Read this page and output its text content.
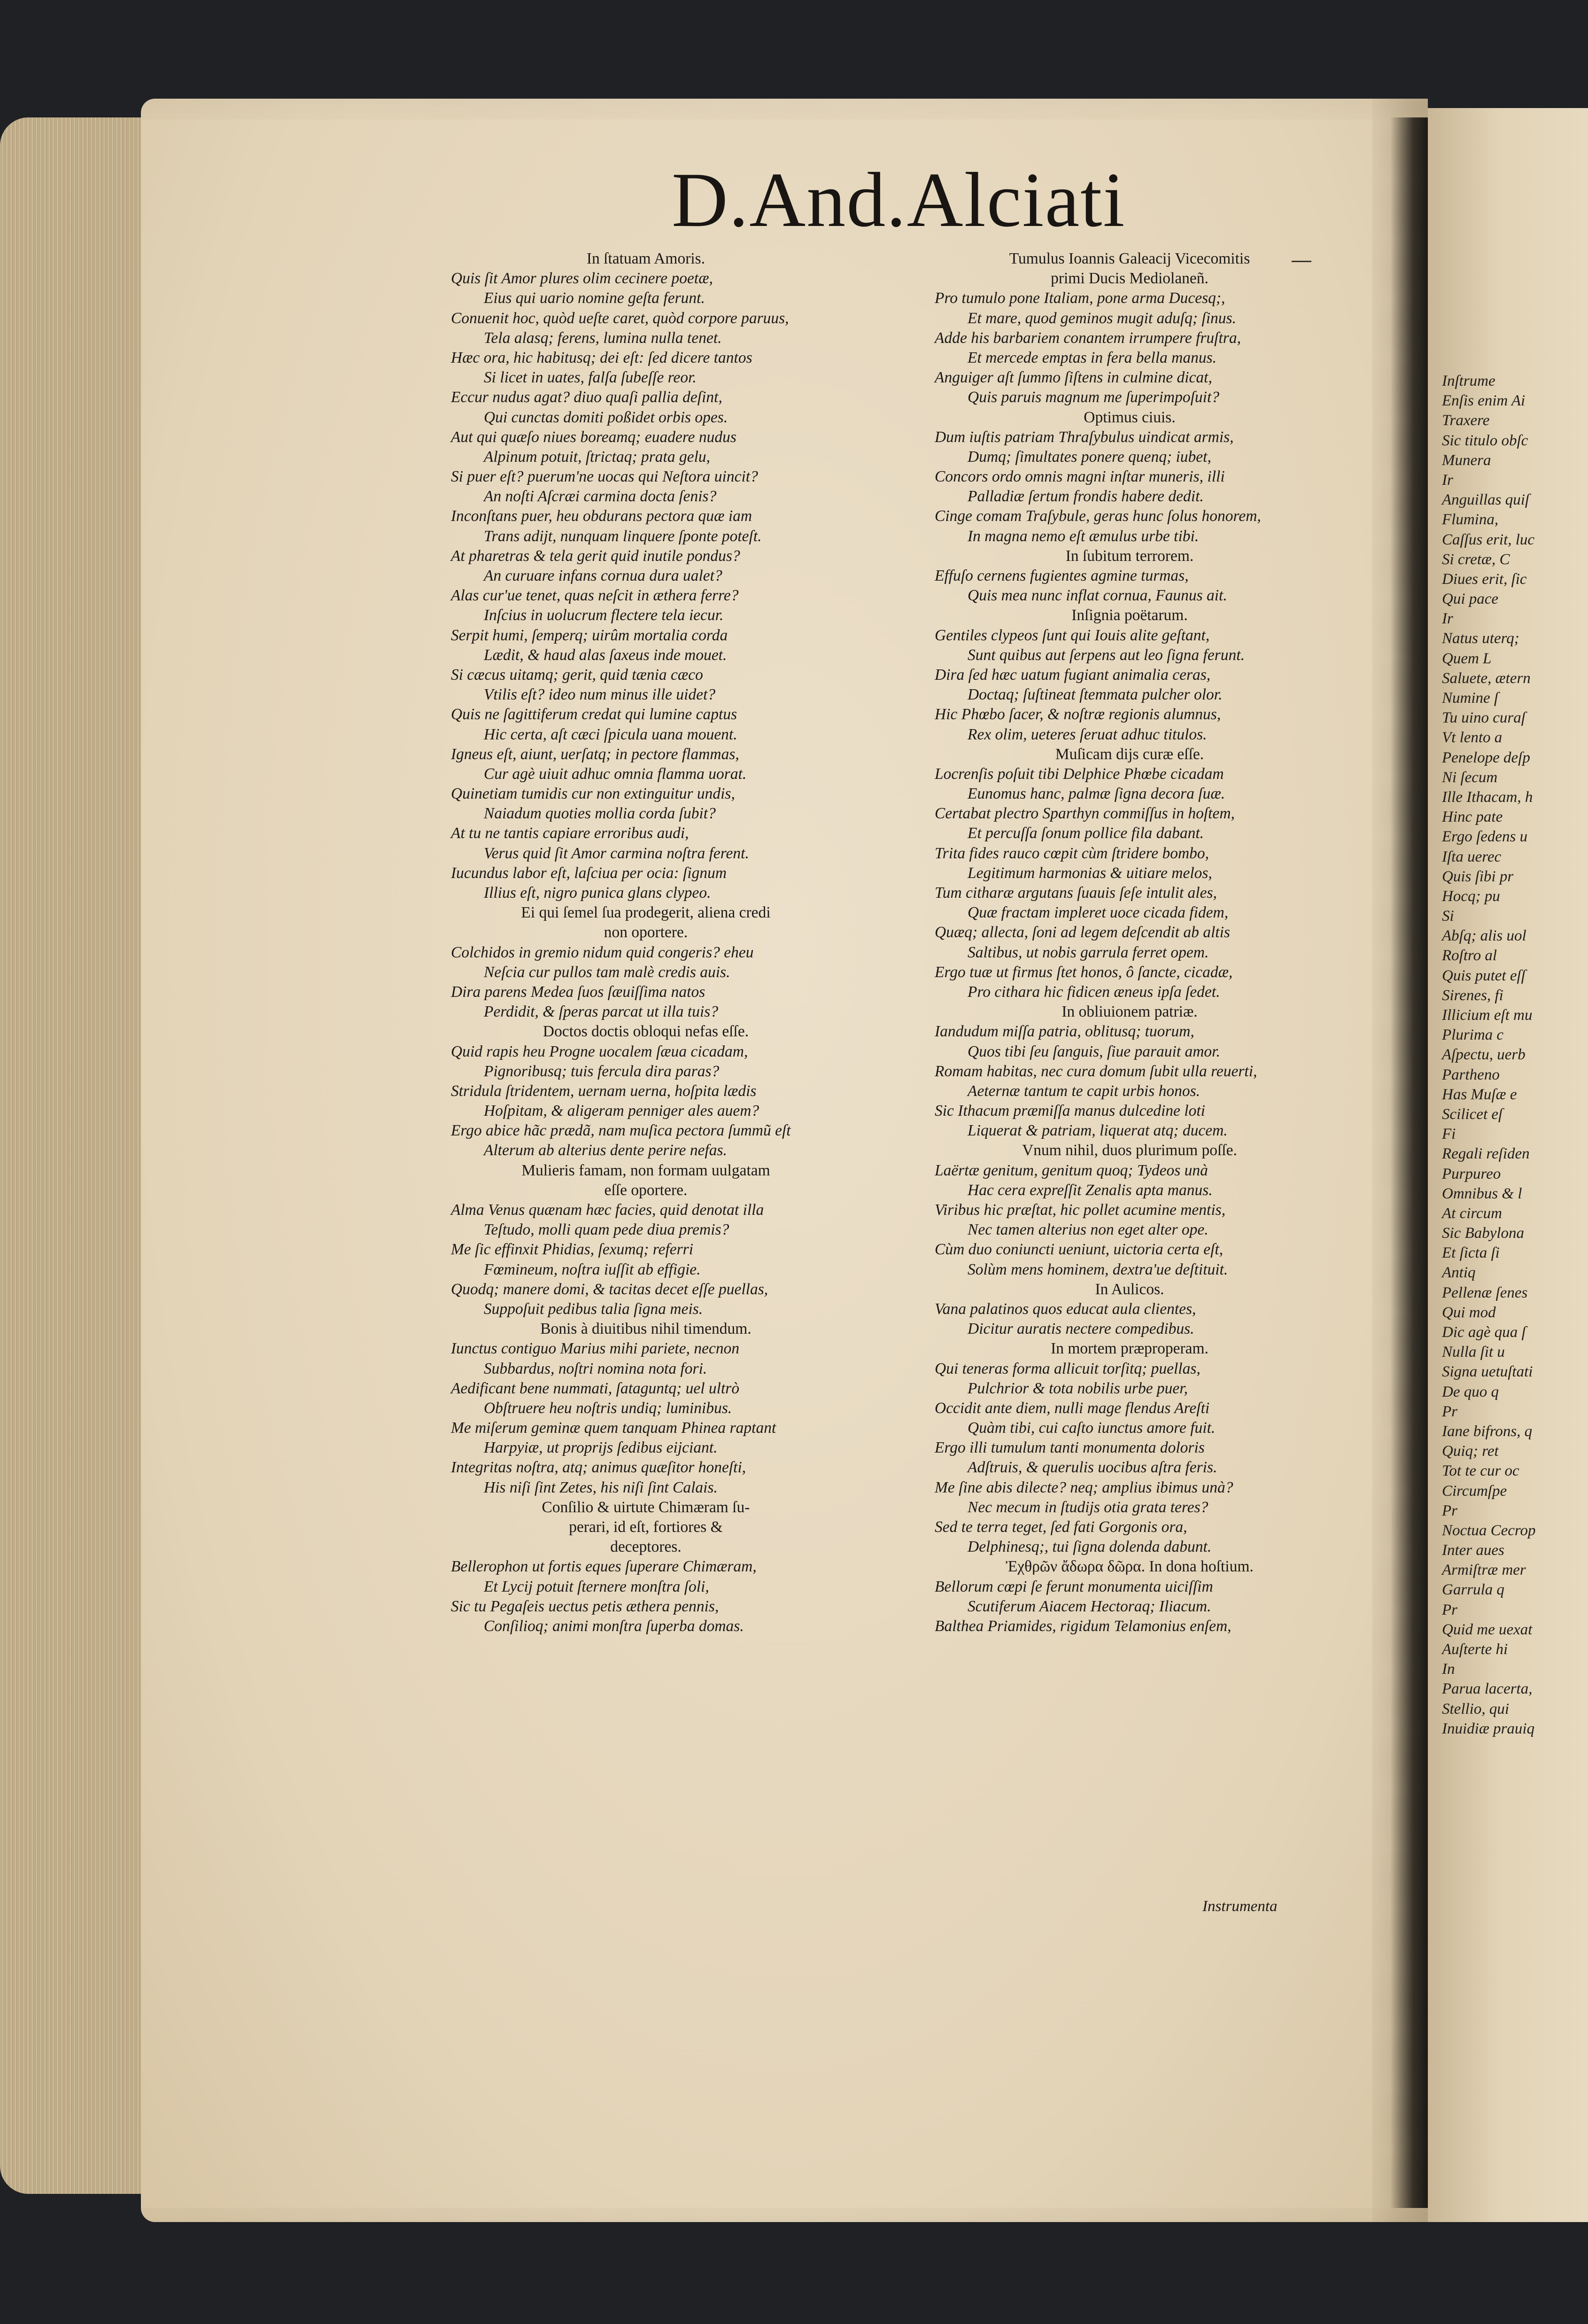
Inſtrume
Enſis enim Ai
Traxere
Sic titulo obſc
Munera
Ir
Anguillas quiſ
Flumina,
Caſſus erit, luc
Si cretæ, C
Diues erit, ſic
Qui pace
Ir
Natus uterq;
Quem L
Saluete, ætern
Numine ſ
Tu uino curaſ
Vt lento a
Penelope deſp
Ni ſecum
Ille Ithacam, h
Hinc pate
Ergo ſedens u
Iſta uerec
Quis ſibi pr
Hocq; pu
Si
Abſq; alis uol
Roſtro al
Quis putet eſſ
Sirenes, fi
Illicium eſt mu
Plurima c
Aſpectu, uerb
Partheno
Has Muſæ e
Scilicet eſ
Fi
Regali reſiden
Purpureo
Omnibus & l
At circum
Sic Babylona
Et ſicta ſi
Antiq
Pellenæ ſenes
Qui mod
Dic agè qua ſ
Nulla ſit u
Signa uetuſtati
De quo q
Pr
Iane bifrons, q
Quiq; ret
Tot te cur oc
Circumſpe
Pr
Noctua Cecrop
Inter aues
Armiſtræ mer
Garrula q
Pr
Quid me uexat
Auſterte hi
In
Parua lacerta,
Stellio, qui
Inuidiæ prauiq
D.And.Alciati
In ſtatuam Amoris.
Quis ſit Amor plures olim cecinere poetæ,
Eius qui uario nomine geſta ferunt.
Conuenit hoc, quòd ueſte caret, quòd corpore paruus,
Tela alasq; ferens, lumina nulla tenet.
Hæc ora, hic habitusq; dei eſt: ſed dicere tantos
Si licet in uates, falſa ſubeſſe reor.
Eccur nudus agat? diuo quaſi pallia deſint,
Qui cunctas domiti poßidet orbis opes.
Aut qui quæſo niues boreamq; euadere nudus
Alpinum potuit, ſtrictaq; prata gelu,
Si puer eſt? puerum'ne uocas qui Neſtora uincit?
An noſti Aſcræi carmina docta ſenis?
Inconſtans puer, heu obdurans pectora quæ iam
Trans adijt, nunquam linquere ſponte poteſt.
At pharetras & tela gerit quid inutile pondus?
An curuare infans cornua dura ualet?
Alas cur'ue tenet, quas neſcit in æthera ferre?
Inſcius in uolucrum flectere tela iecur.
Serpit humi, ſemperq; uirûm mortalia corda
Lædit, & haud alas ſaxeus inde mouet.
Si cæcus uitamq; gerit, quid tænia cæco
Vtilis eſt? ideo num minus ille uidet?
Quis ne ſagittiferum credat qui lumine captus
Hic certa, aſt cæci ſpicula uana mouent.
Igneus eſt, aiunt, uerſatq; in pectore flammas,
Cur agè uiuit adhuc omnia flamma uorat.
Quinetiam tumidis cur non extinguitur undis,
Naiadum quoties mollia corda ſubit?
At tu ne tantis capiare erroribus audi,
Verus quid ſit Amor carmina noſtra ferent.
Iucundus labor eſt, laſciua per ocia: ſignum
Illius eſt, nigro punica glans clypeo.
Ei qui ſemel ſua prodegerit, aliena credi
non oportere.
Colchidos in gremio nidum quid congeris? eheu
Neſcia cur pullos tam malè credis auis.
Dira parens Medea ſuos ſæuiſſima natos
Perdidit, & ſperas parcat ut illa tuis?
Doctos doctis obloqui nefas eſſe.
Quid rapis heu Progne uocalem ſæua cicadam,
Pignoribusq; tuis fercula dira paras?
Stridula ſtridentem, uernam uerna, hoſpita lædis
Hoſpitam, & aligeram penniger ales auem?
Ergo abice hãc prædã, nam muſica pectora ſummũ eſt
Alterum ab alterius dente perire nefas.
Mulieris famam, non formam uulgatam
eſſe oportere.
Alma Venus quænam hæc facies, quid denotat illa
Teſtudo, molli quam pede diua premis?
Me ſic effinxit Phidias, ſexumq; referri
Fœmineum, noſtra iuſſit ab effigie.
Quodq; manere domi, & tacitas decet eſſe puellas,
Suppoſuit pedibus talia ſigna meis.
Bonis à diuitibus nihil timendum.
Iunctus contiguo Marius mihi pariete, necnon
Subbardus, noſtri nomina nota fori.
Aedificant bene nummati, ſataguntq; uel ultrò
Obſtruere heu noſtris undiq; luminibus.
Me miſerum geminæ quem tanquam Phinea raptant
Harpyiæ, ut proprijs ſedibus eijciant.
Integritas noſtra, atq; animus quæſitor honeſti,
His niſi ſint Zetes, his niſi ſint Calais.
Conſilio & uirtute Chimæram ſu-
perari, id eſt, fortiores &
deceptores.
Bellerophon ut fortis eques ſuperare Chimæram,
Et Lycij potuit ſternere monſtra ſoli,
Sic tu Pegaſeis uectus petis æthera pennis,
Conſilioq; animi monſtra ſuperba domas.
Tumulus Ioannis Galeacij Vicecomitis
primi Ducis Mediolaneñ.
Pro tumulo pone Italiam, pone arma Ducesq;,
Et mare, quod geminos mugit aduſq; ſinus.
Adde his barbariem conantem irrumpere fruſtra,
Et mercede emptas in fera bella manus.
Anguiger aſt ſummo ſiſtens in culmine dicat,
Quis paruis magnum me ſuperimpoſuit?
Optimus ciuis.
Dum iuſtis patriam Thraſybulus uindicat armis,
Dumq; ſimultates ponere quenq; iubet,
Concors ordo omnis magni inſtar muneris, illi
Palladiæ ſertum frondis habere dedit.
Cinge comam Traſybule, geras hunc ſolus honorem,
In magna nemo eſt æmulus urbe tibi.
In ſubitum terrorem.
Effuſo cernens fugientes agmine turmas,
Quis mea nunc inflat cornua, Faunus ait.
Inſignia poëtarum.
Gentiles clypeos ſunt qui Iouis alite geſtant,
Sunt quibus aut ſerpens aut leo ſigna ferunt.
Dira ſed hæc uatum fugiant animalia ceras,
Doctaq; ſuſtineat ſtemmata pulcher olor.
Hic Phœbo ſacer, & noſtræ regionis alumnus,
Rex olim, ueteres ſeruat adhuc titulos.
Muſicam dijs curæ eſſe.
Locrenſis poſuit tibi Delphice Phœbe cicadam
Eunomus hanc, palmæ ſigna decora ſuæ.
Certabat plectro Sparthyn commiſſus in hoſtem,
Et percuſſa ſonum pollice fila dabant.
Trita fides rauco cœpit cùm ſtridere bombo,
Legitimum harmonias & uitiare melos,
Tum citharæ argutans ſuauis ſeſe intulit ales,
Quæ fractam impleret uoce cicada fidem,
Quæq; allecta, ſoni ad legem deſcendit ab altis
Saltibus, ut nobis garrula ferret opem.
Ergo tuæ ut firmus ſtet honos, ô ſancte, cicadæ,
Pro cithara hic fidicen æneus ipſa ſedet.
In obliuionem patriæ.
Iandudum miſſa patria, oblitusq; tuorum,
Quos tibi ſeu ſanguis, ſiue parauit amor.
Romam habitas, nec cura domum ſubit ulla reuerti,
Aeternæ tantum te capit urbis honos.
Sic Ithacum præmiſſa manus dulcedine loti
Liquerat & patriam, liquerat atq; ducem.
Vnum nihil, duos plurimum poſſe.
Laërtæ genitum, genitum quoq; Tydeos unà
Hac cera expreſſit Zenalis apta manus.
Viribus hic præſtat, hic pollet acumine mentis,
Nec tamen alterius non eget alter ope.
Cùm duo coniuncti ueniunt, uictoria certa eſt,
Solùm mens hominem, dextra'ue deſtituit.
In Aulicos.
Vana palatinos quos educat aula clientes,
Dicitur auratis nectere compedibus.
In mortem præproperam.
Qui teneras forma allicuit torſitq; puellas,
Pulchrior & tota nobilis urbe puer,
Occidit ante diem, nulli mage flendus Areſti
Quàm tibi, cui caſto iunctus amore fuit.
Ergo illi tumulum tanti monumenta doloris
Adſtruis, & querulis uocibus aſtra feris.
Me ſine abis dilecte? neq; amplius ibimus unà?
Nec mecum in ſtudijs otia grata teres?
Sed te terra teget, ſed fati Gorgonis ora,
Delphinesq;, tui ſigna dolenda dabunt.
Ἐχθρῶν ἄδωρα δῶρα. In dona hoſtium.
Bellorum cœpi ſe ferunt monumenta uiciſſim
Scutiferum Aiacem Hectoraq; Iliacum.
Balthea Priamides, rigidum Telamonius enſem,
Instrumenta
